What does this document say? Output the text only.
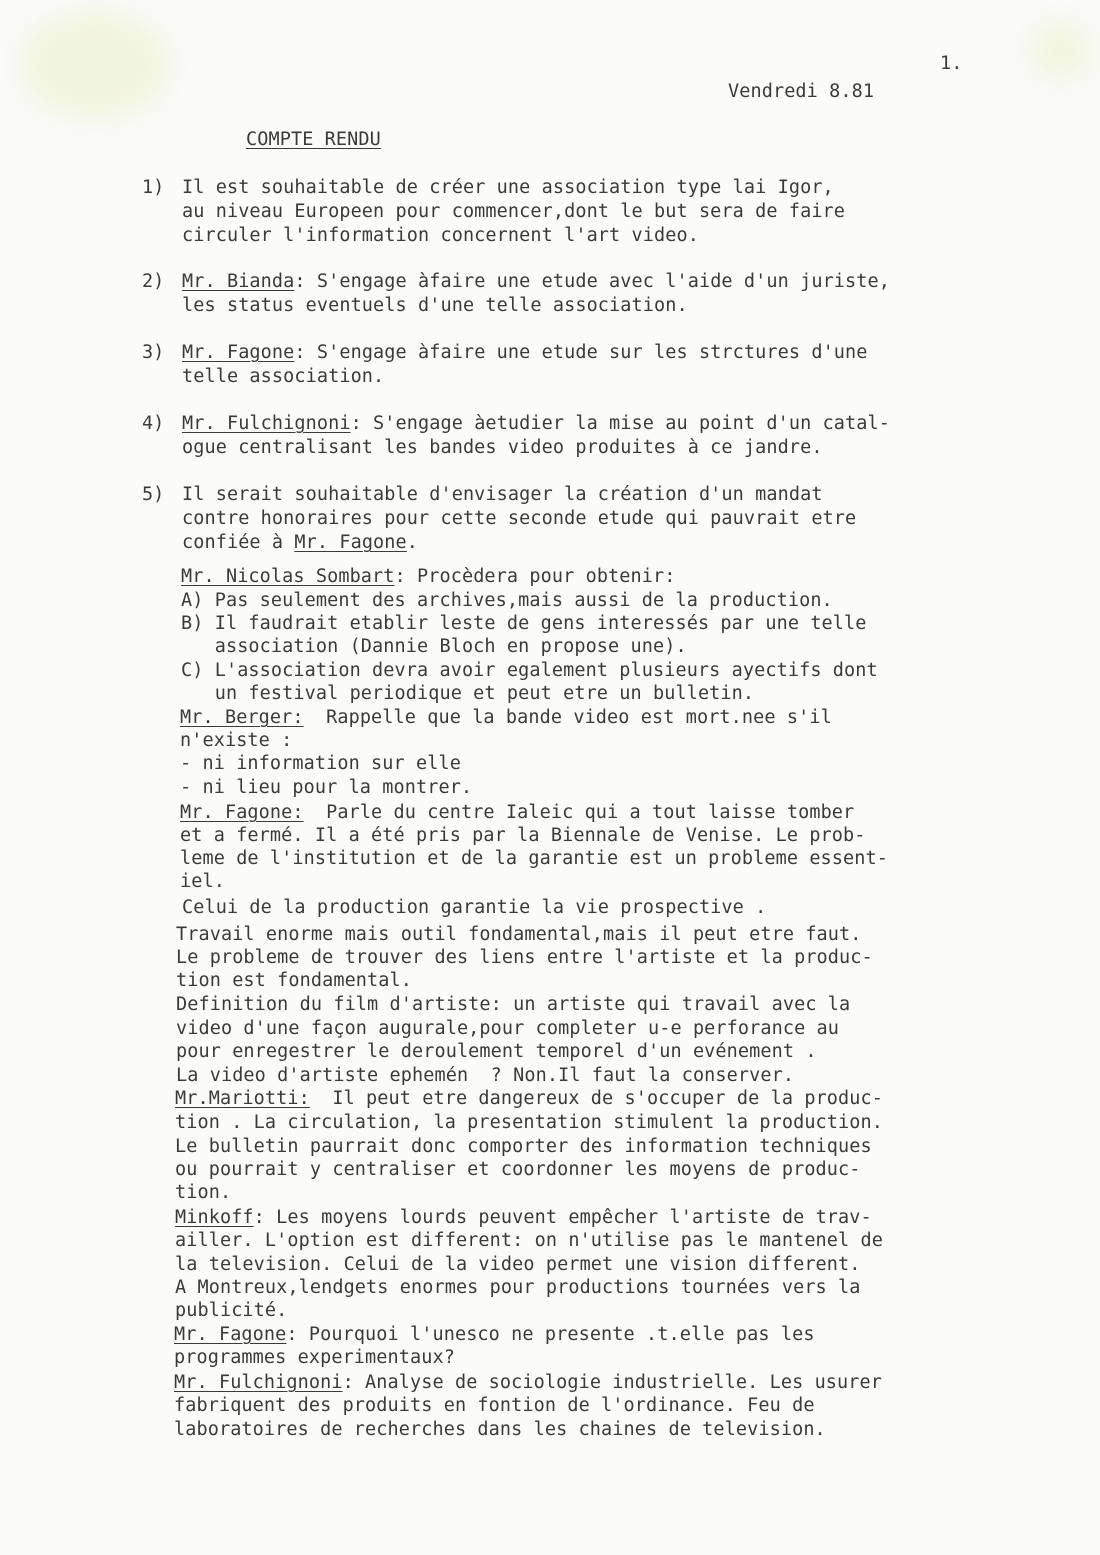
1.
Vendredi 8.81
COMPTE RENDU
1) Il est souhaitable de créer une association type lai Igor,
au niveau Europeen pour commencer,dont le but sera de faire
circuler l'information concernent l'art video.
2) Mr. Bianda: S'engage àfaire une etude avec l'aide d'un juriste,
les status eventuels d'une telle association.
3) Mr. Fagone: S'engage àfaire une etude sur les strctures d'une
telle association.
4) Mr. Fulchignoni: S'engage àetudier la mise au point d'un catal-
ogue centralisant les bandes video produites à ce jandre.
5) Il serait souhaitable d'envisager la création d'un mandat
contre honoraires pour cette seconde etude qui pauvrait etre
confiée à Mr. Fagone.
Mr. Nicolas Sombart: Procèdera pour obtenir:
A) Pas seulement des archives,mais aussi de la production.
B) Il faudrait etablir leste de gens interessés par une telle
association (Dannie Bloch en propose une).
C) L'association devra avoir egalement plusieurs ayectifs dont
un festival periodique et peut etre un bulletin.
Mr. Berger:  Rappelle que la bande video est mort.nee s'il
n'existe :
- ni information sur elle
- ni lieu pour la montrer.
Mr. Fagone:  Parle du centre Ialeic qui a tout laisse tomber
et a fermé. Il a été pris par la Biennale de Venise. Le prob-
leme de l'institution et de la garantie est un probleme essent-
iel.
Celui de la production garantie la vie prospective .
Travail enorme mais outil fondamental,mais il peut etre faut.
Le probleme de trouver des liens entre l'artiste et la produc-
tion est fondamental.
Definition du film d'artiste: un artiste qui travail avec la
video d'une façon augurale,pour completer u-e perforance au
pour enregestrer le deroulement temporel d'un evénement .
La video d'artiste ephemén  ? Non.Il faut la conserver.
Mr.Mariotti:  Il peut etre dangereux de s'occuper de la produc-
tion . La circulation, la presentation stimulent la production.
Le bulletin paurrait donc comporter des information techniques
ou pourrait y centraliser et coordonner les moyens de produc-
tion.
Minkoff: Les moyens lourds peuvent empêcher l'artiste de trav-
ailler. L'option est different: on n'utilise pas le mantenel de
la television. Celui de la video permet une vision different.
A Montreux,lendgets enormes pour productions tournées vers la
publicité.
Mr. Fagone: Pourquoi l'unesco ne presente .t.elle pas les
programmes experimentaux?
Mr. Fulchignoni: Analyse de sociologie industrielle. Les usurer
fabriquent des produits en fontion de l'ordinance. Feu de
laboratoires de recherches dans les chaines de television.
